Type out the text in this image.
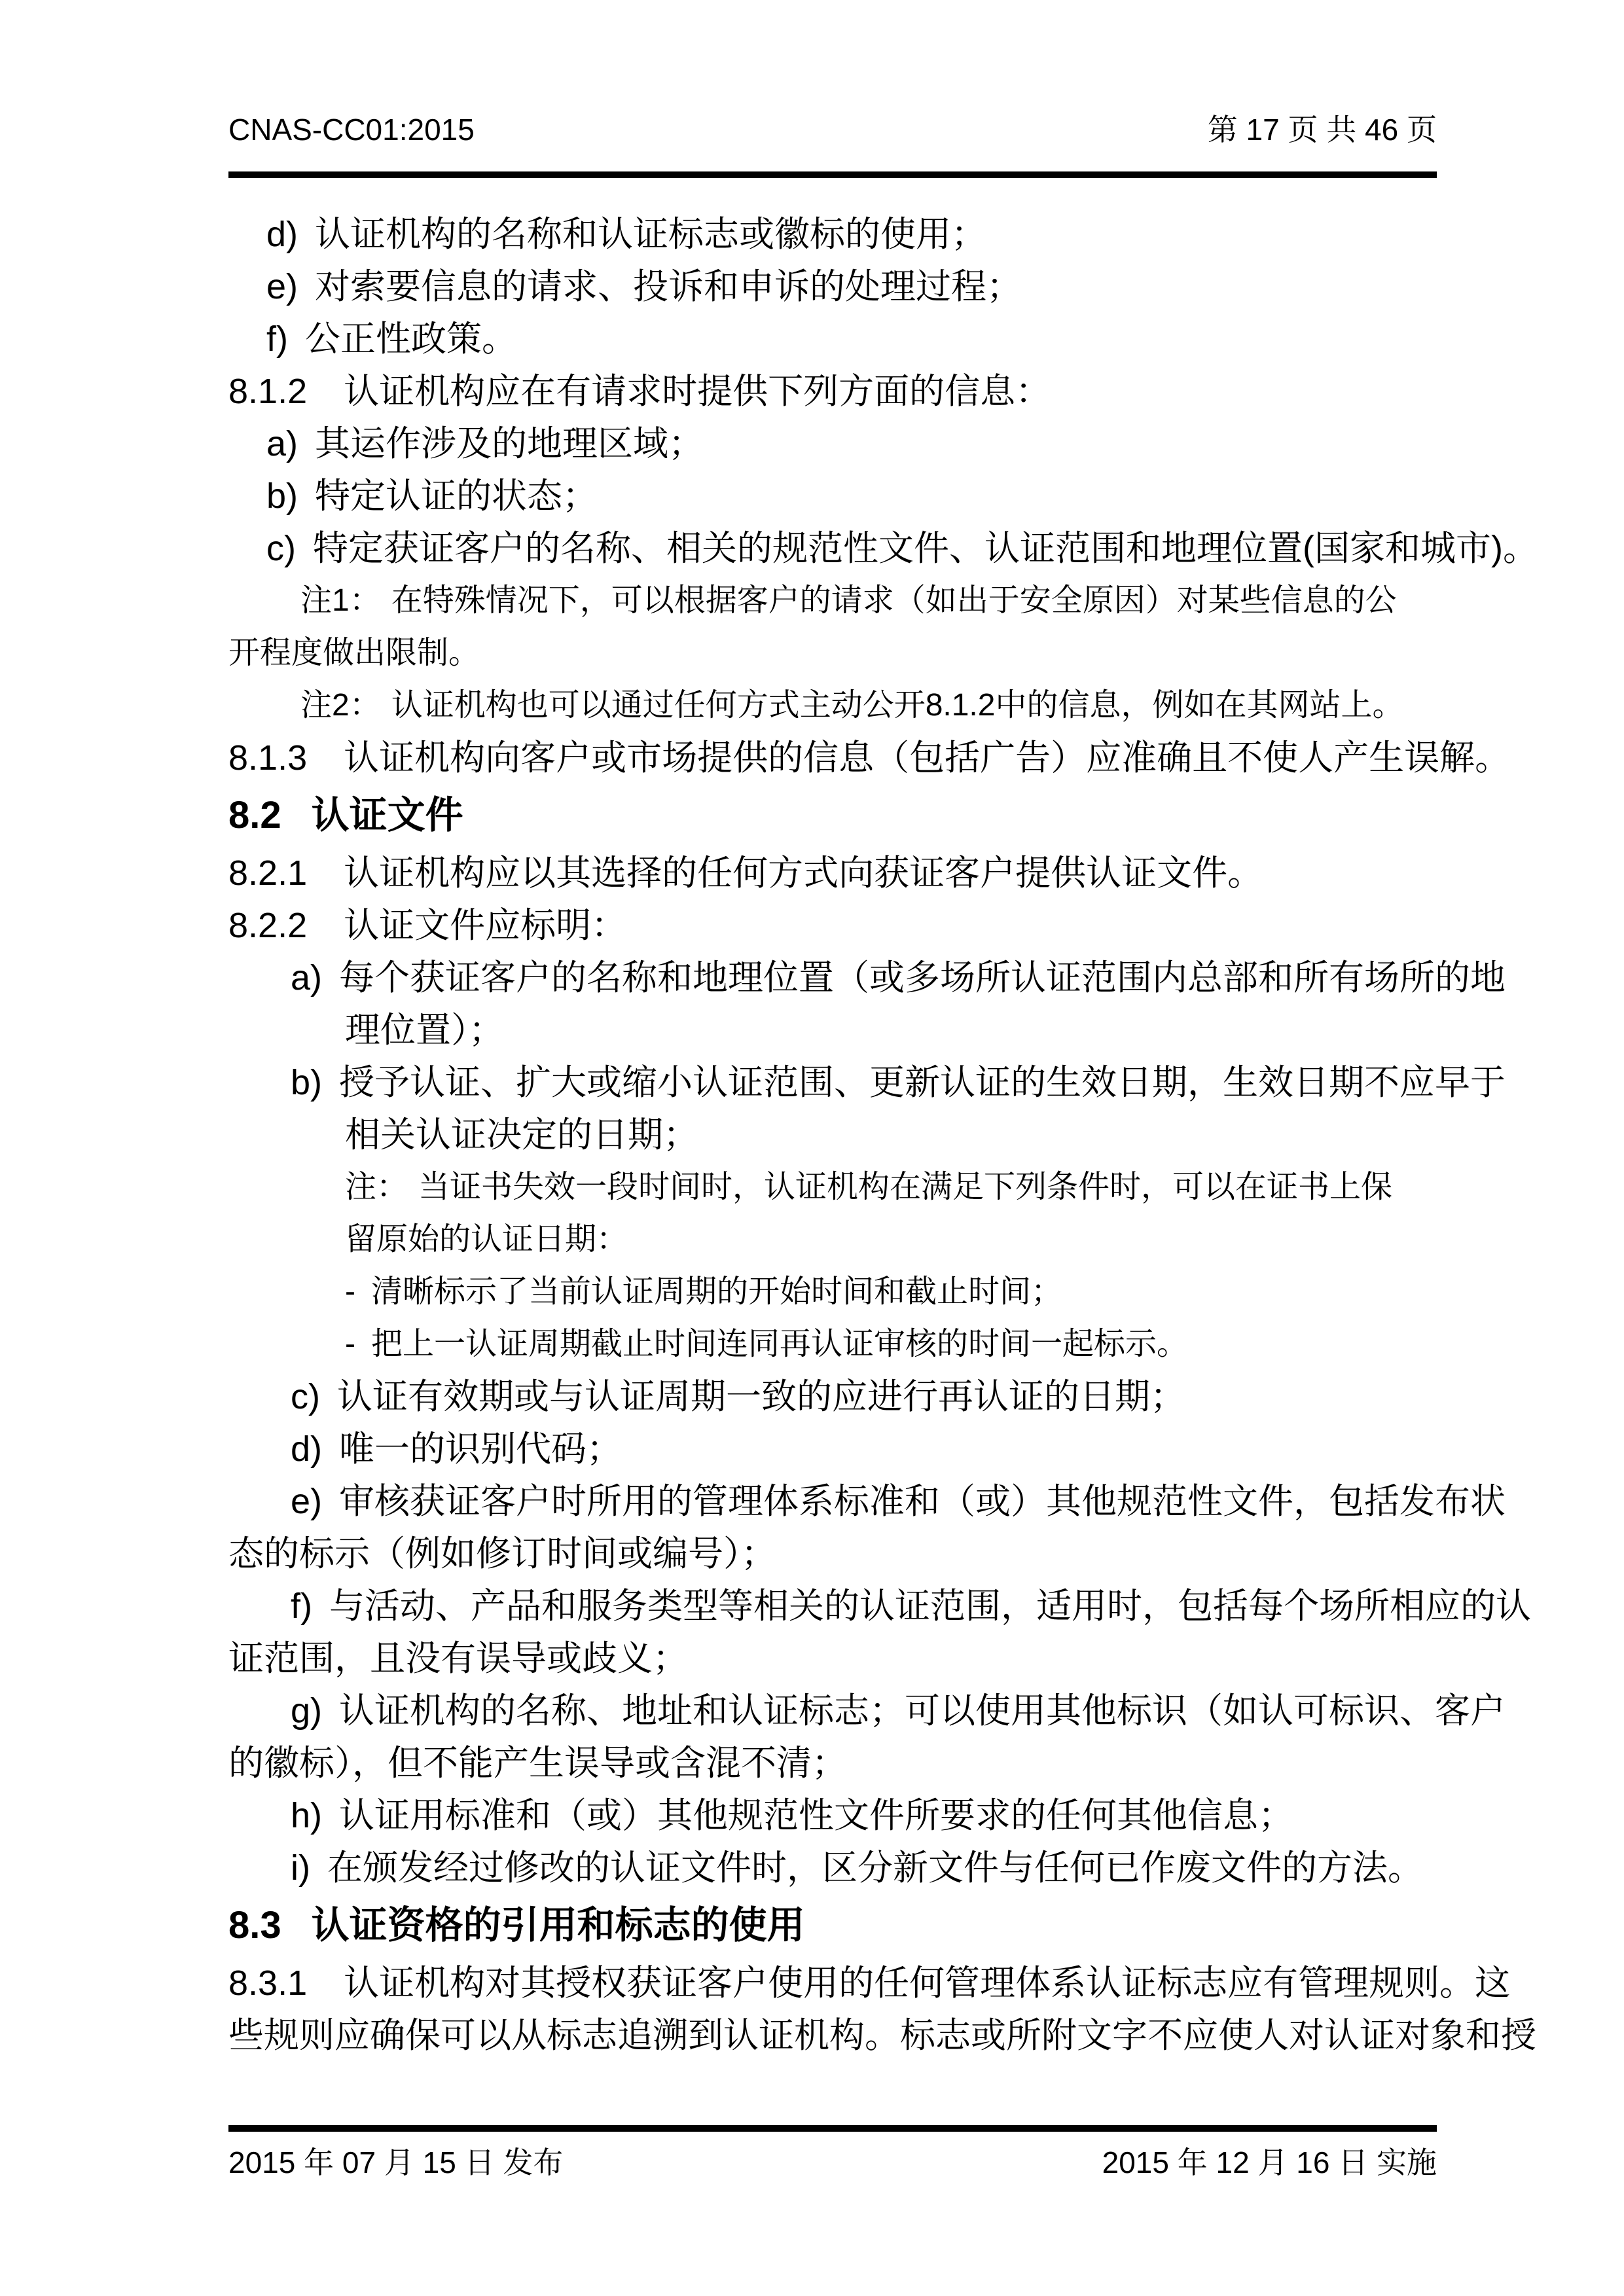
CNAS-CC01:2015	第 17 页 共 46 页
d) 认证机构的名称和认证标志或徽标的使用；
e) 对索要信息的请求、投诉和申诉的处理过程；
f) 公正性政策。
8.1.2 认证机构应在有请求时提供下列方面的信息：
a) 其运作涉及的地理区域；
b) 特定认证的状态；
c) 特定获证客户的名称、相关的规范性文件、认证范围和地理位置(国家和城市)。
注1： 在特殊情况下，可以根据客户的请求（如出于安全原因）对某些信息的公
开程度做出限制。
注2： 认证机构也可以通过任何方式主动公开8.1.2中的信息，例如在其网站上。
8.1.3 认证机构向客户或市场提供的信息（包括广告）应准确且不使人产生误解。
8.2 认证文件
8.2.1 认证机构应以其选择的任何方式向获证客户提供认证文件。
8.2.2 认证文件应标明：
a) 每个获证客户的名称和地理位置（或多场所认证范围内总部和所有场所的地
理位置）；
b) 授予认证、扩大或缩小认证范围、更新认证的生效日期，生效日期不应早于
相关认证决定的日期；
注： 当证书失效一段时间时，认证机构在满足下列条件时，可以在证书上保
留原始的认证日期：
- 清晰标示了当前认证周期的开始时间和截止时间；
- 把上一认证周期截止时间连同再认证审核的时间一起标示。
c) 认证有效期或与认证周期一致的应进行再认证的日期；
d) 唯一的识别代码；
e) 审核获证客户时所用的管理体系标准和（或）其他规范性文件，包括发布状
态的标示（例如修订时间或编号）；
f) 与活动、产品和服务类型等相关的认证范围，适用时，包括每个场所相应的认
证范围，且没有误导或歧义；
g) 认证机构的名称、地址和认证标志；可以使用其他标识（如认可标识、客户
的徽标），但不能产生误导或含混不清；
h) 认证用标准和（或）其他规范性文件所要求的任何其他信息；
i) 在颁发经过修改的认证文件时，区分新文件与任何已作废文件的方法。
8.3 认证资格的引用和标志的使用
8.3.1 认证机构对其授权获证客户使用的任何管理体系认证标志应有管理规则。这
些规则应确保可以从标志追溯到认证机构。标志或所附文字不应使人对认证对象和授
2015 年 07 月 15 日 发布	2015 年 12 月 16 日 实施
